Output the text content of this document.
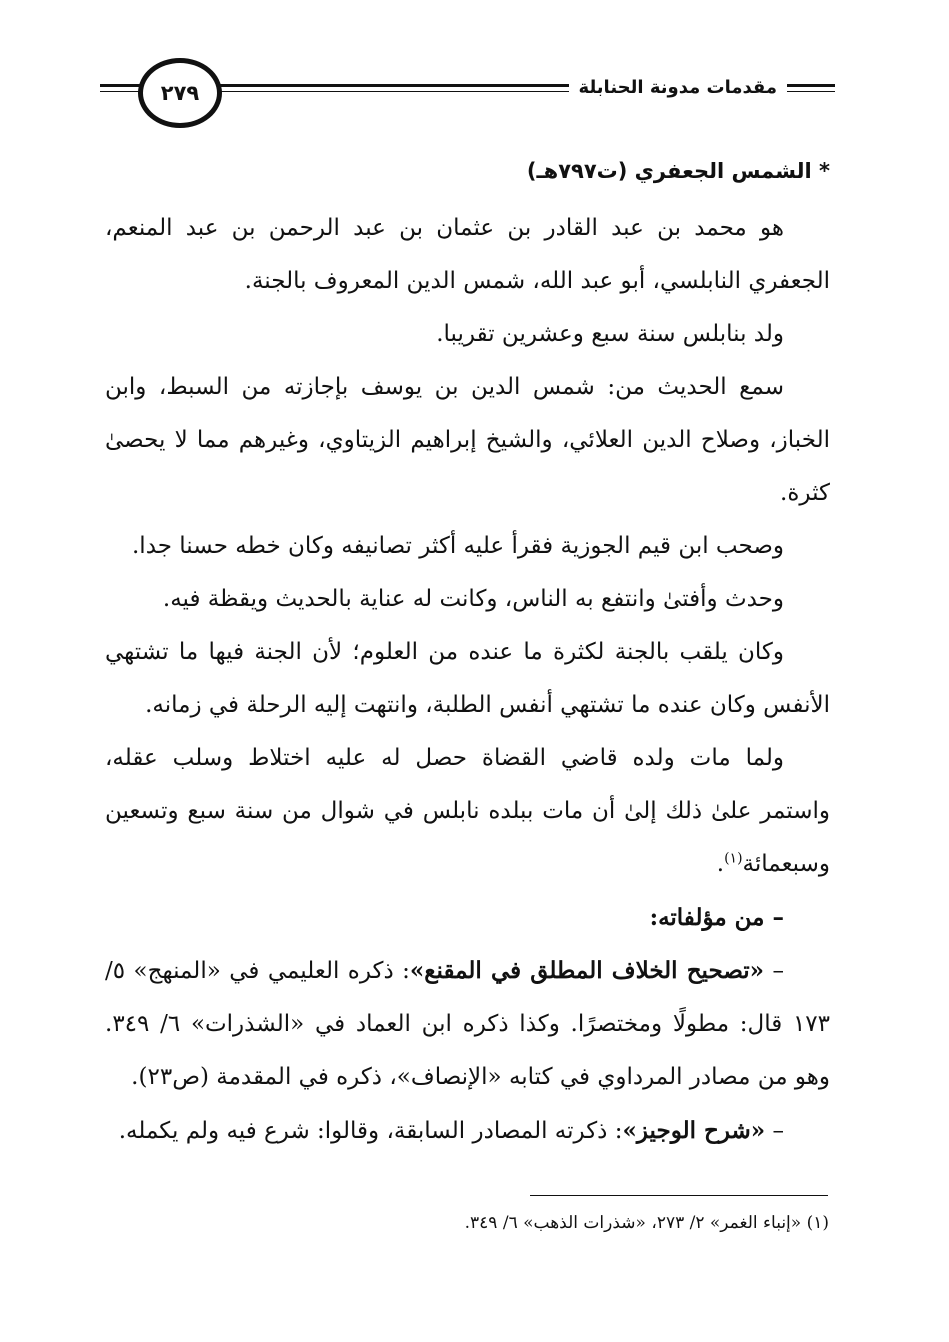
٢٧٩	مقدمات مدونة الحنابلة

* الشمس الجعفري (ت٧٩٧هـ)

هو محمد بن عبد القادر بن عثمان بن عبد الرحمن بن عبد المنعم، الجعفري النابلسي، أبو عبد الله، شمس الدين المعروف بالجنة.

ولد بنابلس سنة سبع وعشرين تقريبا.

سمع الحديث من: شمس الدين بن يوسف بإجازته من السبط، وابن الخباز، وصلاح الدين العلائي، والشيخ إبراهيم الزيتاوي، وغيرهم مما لا يحصىٰ كثرة.

وصحب ابن قيم الجوزية فقرأ عليه أكثر تصانيفه وكان خطه حسنا جدا.

وحدث وأفتىٰ وانتفع به الناس، وكانت له عناية بالحديث ويقظة فيه.

وكان يلقب بالجنة لكثرة ما عنده من العلوم؛ لأن الجنة فيها ما تشتهي الأنفس وكان عنده ما تشتهي أنفس الطلبة، وانتهت إليه الرحلة في زمانه.

ولما مات ولده قاضي القضاة حصل له عليه اختلاط وسلب عقله، واستمر علىٰ ذلك إلىٰ أن مات ببلده نابلس في شوال من سنة سبع وتسعين وسبعمائة$^{(١)}$.

– من مؤلفاته:

– «تصحيح الخلاف المطلق في المقنع»: ذكره العليمي في «المنهج» ٥/ ١٧٣ قال: مطولًا ومختصرًا. وكذا ذكره ابن العماد في «الشذرات» ٦/ ٣٤٩. وهو من مصادر المرداوي في كتابه «الإنصاف»، ذكره في المقدمة (ص٢٣).

– «شرح الوجيز»: ذكرته المصادر السابقة، وقالوا: شرع فيه ولم يكمله.

(١) «إنباء الغمر» ٢/ ٢٧٣، «شذرات الذهب» ٦/ ٣٤٩.
